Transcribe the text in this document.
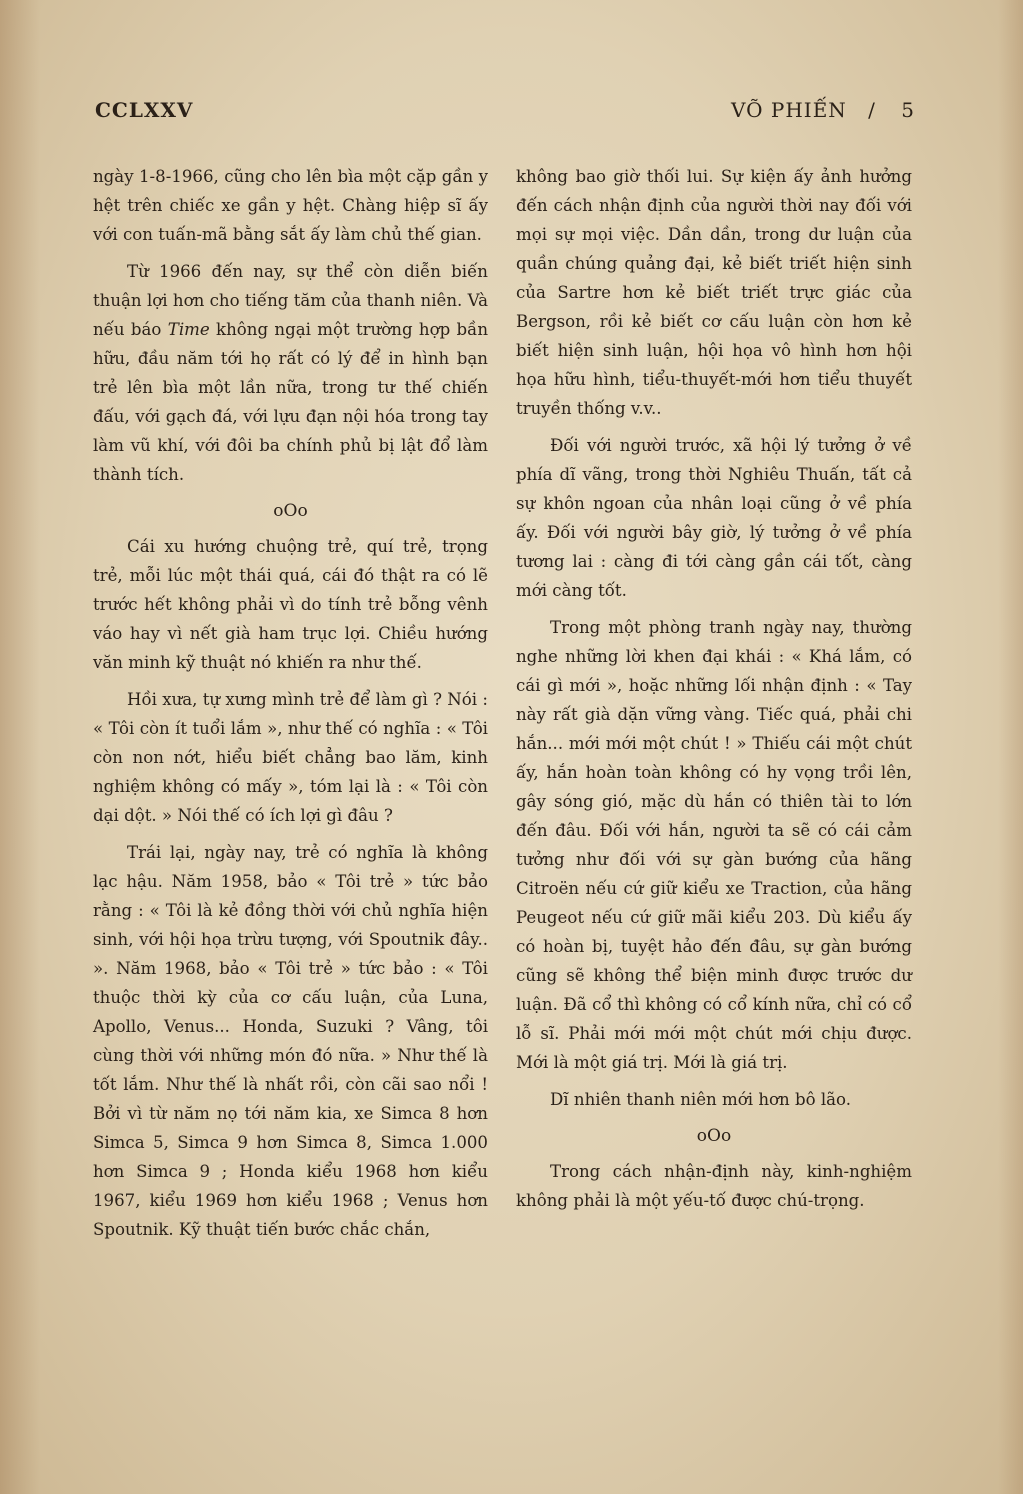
CCLXXV	VÕ PHIẾN / 5

ngày 1-8-1966, cũng cho lên bìa một cặp gần y hệt trên chiếc xe gần y hệt. Chàng hiệp sĩ ấy với con tuấn-mã bằng sắt ấy làm chủ thế gian.

Từ 1966 đến nay, sự thể còn diễn biến thuận lợi hơn cho tiếng tăm của thanh niên. Và nếu báo Time không ngại một trường hợp bần hữu, đầu năm tới họ rất có lý để in hình bạn trẻ lên bìa một lần nữa, trong tư thế chiến đấu, với gạch đá, với lựu đạn nội hóa trong tay làm vũ khí, với đôi ba chính phủ bị lật đổ làm thành tích.

oOo

Cái xu hướng chuộng trẻ, quí trẻ, trọng trẻ, mỗi lúc một thái quá, cái đó thật ra có lẽ trước hết không phải vì do tính trẻ bỗng vênh váo hay vì nết già ham trục lợi. Chiều hướng văn minh kỹ thuật nó khiến ra như thế.

Hồi xưa, tự xưng mình trẻ để làm gì ? Nói : « Tôi còn ít tuổi lắm », như thế có nghĩa : « Tôi còn non nớt, hiểu biết chẳng bao lăm, kinh nghiệm không có mấy », tóm lại là : « Tôi còn dại dột. » Nói thế có ích lợi gì đâu ?

Trái lại, ngày nay, trẻ có nghĩa là không lạc hậu. Năm 1958, bảo « Tôi trẻ » tức bảo rằng : « Tôi là kẻ đồng thời với chủ nghĩa hiện sinh, với hội họa trừu tượng, với Spoutnik đây.. ». Năm 1968, bảo « Tôi trẻ » tức bảo : « Tôi thuộc thời kỳ của cơ cấu luận, của Luna, Apollo, Venus... Honda, Suzuki ? Vâng, tôi cùng thời với những món đó nữa. » Như thế là tốt lắm. Như thế là nhất rồi, còn cãi sao nổi ! Bởi vì từ năm nọ tới năm kia, xe Simca 8 hơn Simca 5, Simca 9 hơn Simca 8, Simca 1.000 hơn Simca 9 ; Honda kiểu 1968 hơn kiểu 1967, kiểu 1969 hơn kiểu 1968 ; Venus hơn Spoutnik. Kỹ thuật tiến bước chắc chắn,

không bao giờ thối lui. Sự kiện ấy ảnh hưởng đến cách nhận định của người thời nay đối với mọi sự mọi việc. Dần dần, trong dư luận của quần chúng quảng đại, kẻ biết triết hiện sinh của Sartre hơn kẻ biết triết trực giác của Bergson, rồi kẻ biết cơ cấu luận còn hơn kẻ biết hiện sinh luận, hội họa vô hình hơn hội họa hữu hình, tiểu-thuyết-mới hơn tiểu thuyết truyền thống v.v..

Đối với người trước, xã hội lý tưởng ở về phía dĩ vãng, trong thời Nghiêu Thuấn, tất cả sự khôn ngoan của nhân loại cũng ở về phía ấy. Đối với người bây giờ, lý tưởng ở về phía tương lai : càng đi tới càng gần cái tốt, càng mới càng tốt.

Trong một phòng tranh ngày nay, thường nghe những lời khen đại khái : « Khá lắm, có cái gì mới », hoặc những lối nhận định : « Tay này rất già dặn vững vàng. Tiếc quá, phải chi hắn... mới mới một chút ! » Thiếu cái một chút ấy, hắn hoàn toàn không có hy vọng trồi lên, gây sóng gió, mặc dù hắn có thiên tài to lớn đến đâu. Đối với hắn, người ta sẽ có cái cảm tưởng như đối với sự gàn bướng của hãng Citroën nếu cứ giữ kiểu xe Traction, của hãng Peugeot nếu cứ giữ mãi kiểu 203. Dù kiểu ấy có hoàn bị, tuyệt hảo đến đâu, sự gàn bướng cũng sẽ không thể biện minh được trước dư luận. Đã cổ thì không có cổ kính nữa, chỉ có cổ lỗ sĩ. Phải mới mới một chút mới chịu được. Mới là một giá trị. Mới là giá trị.

Dĩ nhiên thanh niên mới hơn bô lão.

oOo

Trong cách nhận-định này, kinh-nghiệm không phải là một yếu-tố được chú-trọng.
